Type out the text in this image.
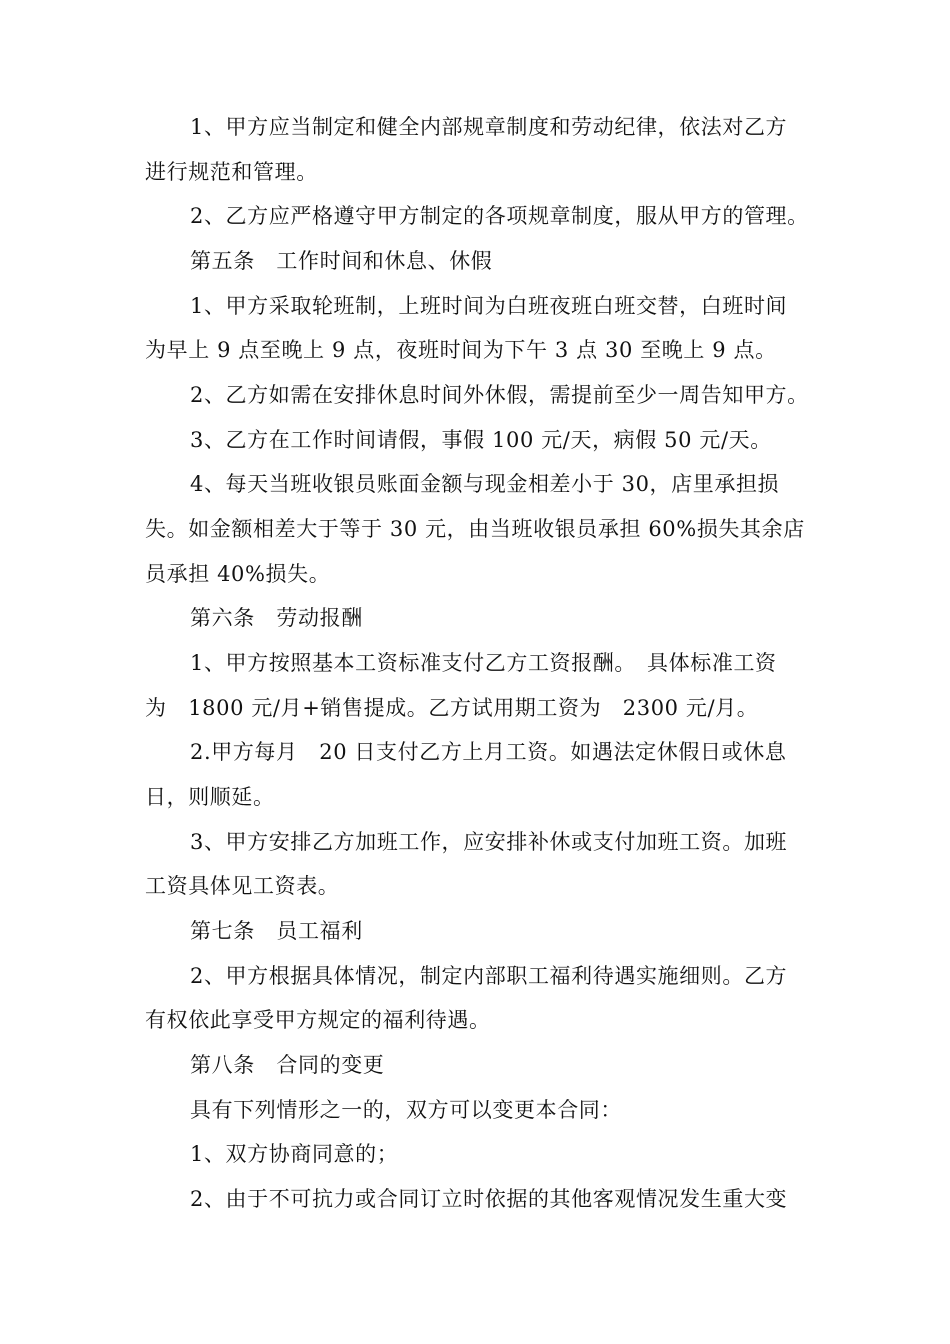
1、甲方应当制定和健全内部规章制度和劳动纪律，依法对乙方
进行规范和管理。
2、乙方应严格遵守甲方制定的各项规章制度，服从甲方的管理。
第五条　工作时间和休息、休假
1、甲方采取轮班制，上班时间为白班夜班白班交替，白班时间
为早上 9 点至晚上 9 点，夜班时间为下午 3 点 30 至晚上 9 点。
2、乙方如需在安排休息时间外休假，需提前至少一周告知甲方。
3、乙方在工作时间请假，事假 100 元/天，病假 50 元/天。
4、每天当班收银员账面金额与现金相差小于 30，店里承担损
失。如金额相差大于等于 30 元，由当班收银员承担 60%损失其余店
员承担 40%损失。
第六条　劳动报酬
1、甲方按照基本工资标准支付乙方工资报酬。　具体标准工资
为　1800 元/月+销售提成。乙方试用期工资为　2300 元/月。
2.甲方每月　20 日支付乙方上月工资。如遇法定休假日或休息
日，则顺延。
3、甲方安排乙方加班工作，应安排补休或支付加班工资。加班
工资具体见工资表。
第七条　员工福利
2、甲方根据具体情况，制定内部职工福利待遇实施细则。乙方
有权依此享受甲方规定的福利待遇。
第八条　合同的变更
具有下列情形之一的，双方可以变更本合同：
1、双方协商同意的；
2、由于不可抗力或合同订立时依据的其他客观情况发生重大变
